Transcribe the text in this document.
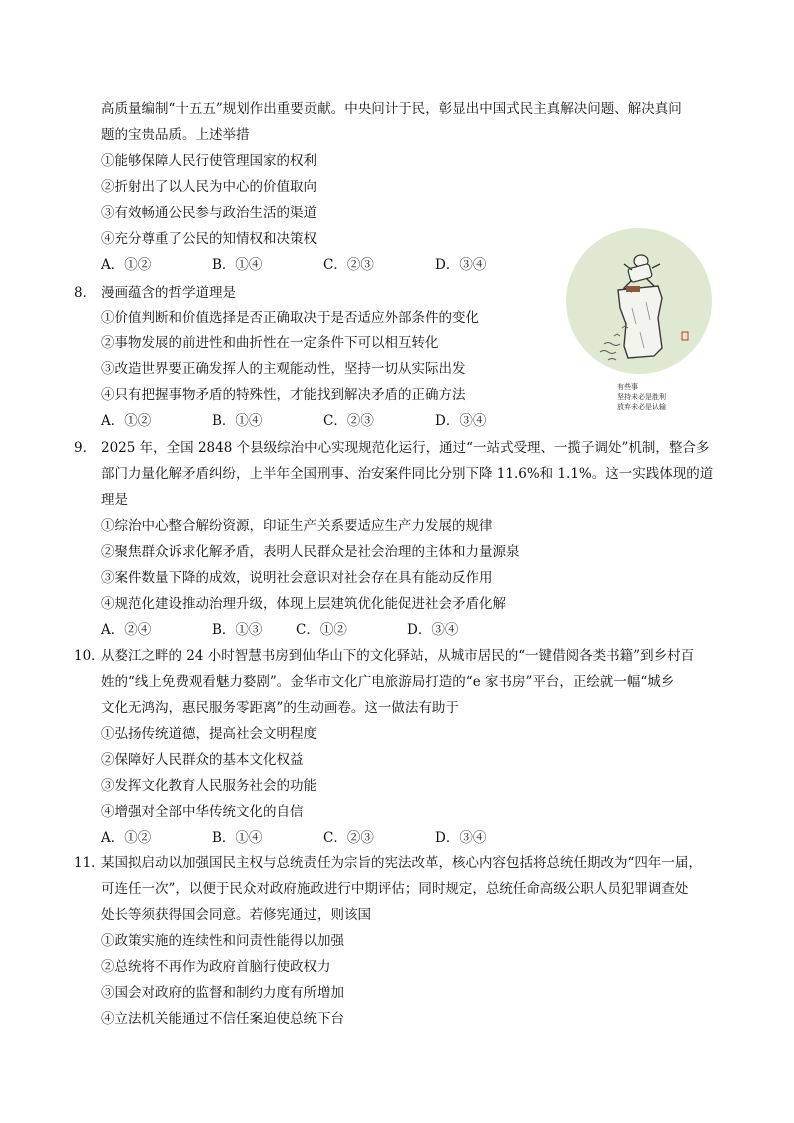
高质量编制“十五五”规划作出重要贡献。中央问计于民，彰显出中国式民主真解决问题、解决真问
题的宝贵品质。上述举措
①能够保障人民行使管理国家的权利
②折射出了以人民为中心的价值取向
③有效畅通公民参与政治生活的渠道
④充分尊重了公民的知情权和决策权
A．①②	B．①④	C．②③	D．③④
8． 漫画蕴含的哲学道理是
①价值判断和价值选择是否正确取决于是否适应外部条件的变化
②事物发展的前进性和曲折性在一定条件下可以相互转化
③改造世界要正确发挥人的主观能动性，坚持一切从实际出发
④只有把握事物矛盾的特殊性，才能找到解决矛盾的正确方法
A．①②	B．①④	C．②③	D．③④
有些事
坚持未必是胜利
放弃未必是认输
9． 2025 年，全国 2848 个县级综治中心实现规范化运行，通过“一站式受理、一揽子调处”机制，整合多
部门力量化解矛盾纠纷，上半年全国刑事、治安案件同比分别下降 11.6%和 1.1%。这一实践体现的道
理是
①综治中心整合解纷资源，印证生产关系要适应生产力发展的规律
②聚焦群众诉求化解矛盾，表明人民群众是社会治理的主体和力量源泉
③案件数量下降的成效，说明社会意识对社会存在具有能动反作用
④规范化建设推动治理升级，体现上层建筑优化能促进社会矛盾化解
A．②④	B．①③ C．①②	D．③④
10．
从婺江之畔的 24 小时智慧书房到仙华山下的文化驿站，从城市居民的“一键借阅各类书籍”到乡村百
姓的“线上免费观看魅力婺剧”。金华市文化广电旅游局打造的“e 家书房”平台，正绘就一幅“城乡
文化无鸿沟，惠民服务零距离”的生动画卷。这一做法有助于
①弘扬传统道德，提高社会文明程度
②保障好人民群众的基本文化权益
③发挥文化教育人民服务社会的功能
④增强对全部中华传统文化的自信
A．①②	B．①④	C．②③	D．③④
11．
某国拟启动以加强国民主权与总统责任为宗旨的宪法改革，核心内容包括将总统任期改为“四年一届，
可连任一次”，以便于民众对政府施政进行中期评估；同时规定，总统任命高级公职人员犯罪调查处
处长等须获得国会同意。若修宪通过，则该国
①政策实施的连续性和问责性能得以加强
②总统将不再作为政府首脑行使政权力
③国会对政府的监督和制约力度有所增加
④立法机关能通过不信任案迫使总统下台
